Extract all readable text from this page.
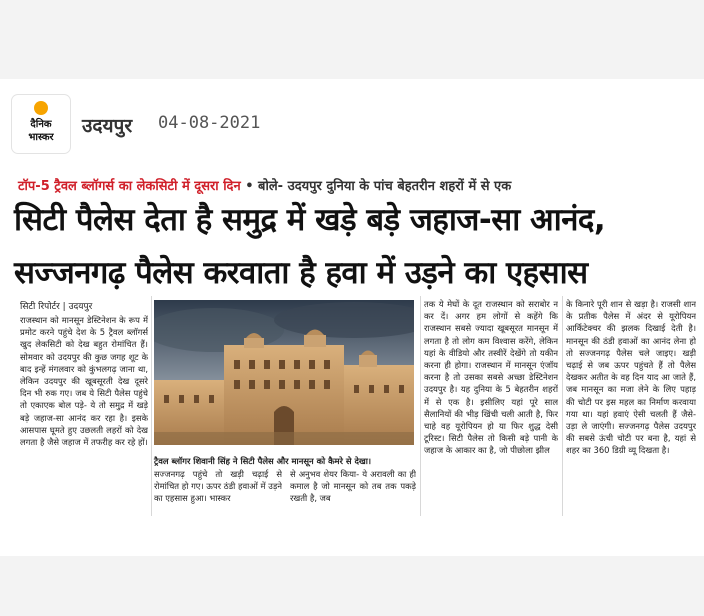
दैनिक
भास्कर
उदयपुर 04-08-2021
टॉप-5 ट्रैवल ब्लॉगर्स का लेकसिटी में दूसरा दिन • बोले- उदयपुर दुनिया के पांच बेहतरीन शहरों में से एक
सिटी पैलेस देता है समुद्र में खड़े बड़े जहाज-सा आनंद,
सज्जनगढ़ पैलेस करवाता है हवा में उड़ने का एहसास
सिटी रिपोर्टर | उदयपुर
राजस्थान को मानसून डेस्टिनेशन के रूप में प्रमोट करने पहुंचे देश के 5 ट्रैवल ब्लॉगर्स खुद लेकसिटी को देख बहुत रोमांचित हैं। सोमवार को उदयपुर की कुछ जगह शूट के बाद इन्हें मंगलवार को कुंभलगढ़ जाना था, लेकिन उदयपुर की खूबसूरती देख दूसरे दिन भी रुक गए। जब ये सिटी पैलेस पहुंचे तो एकाएक बोल पड़े- ये तो समुद्र में खड़े बड़े जहाज-सा आनंद कर रहा है। इसके आसपास घूमते हुए उछलती लहरों को देख लगता है जैसे जहाज में तफरीह कर रहे हों।
ट्रैवल ब्लॉगर शिवानी सिंह ने सिटी पैलेस और मानसून को कैमरे से देखा।
सज्जनगढ़ पहुंचे तो खड़ी चढ़ाई से रोमांचित हो गए। ऊपर ठंडी हवाओं में उड़ने का एहसास हुआ। भास्कर
से अनुभव शेयर किया- ये अरावली का ही कमाल है जो मानसून को तब तक पकड़े रखती है, जब
तक ये मेघों के दूत राजस्थान को सराबोर न कर दें। अगर हम लोगों से कहेंगे कि राजस्थान सबसे ज्यादा खूबसूरत मानसून में लगता है तो लोग कम विश्वास करेंगे, लेकिन यहां के वीडियो और तस्वीरें देखेंगे तो यकीन करना ही होगा। राजस्थान में मानसून एंजॉय करना है तो उसका सबसे अच्छा डेस्टिनेशन उदयपुर है। यह दुनिया के 5 बेहतरीन शहरों में से एक है। इसीलिए यहां पूरे साल सैलानियों की भीड़ खिंची चली आती है, फिर चाहे वह यूरोपियन हो या फिर शुद्ध देसी टूरिस्ट। सिटी पैलेस तो किसी बड़े पानी के जहाज के आकार का है, जो पीछोला झील
के किनारे पूरी शान से खड़ा है। राजसी शान के प्रतीक पैलेस में अंदर से यूरोपियन आर्किटेक्चर की झलक दिखाई देती है। मानसून की ठंडी हवाओं का आनंद लेना हो तो सज्जनगढ़ पैलेस चले जाइए। खड़ी चढ़ाई से जब ऊपर पहुंचते हैं तो पैलेस देखकर अतीत के वह दिन याद आ जाते हैं, जब मानसून का मजा लेने के लिए पहाड़ की चोटी पर इस महल का निर्माण करवाया गया था। यहां हवाएं ऐसी चलती हैं जैसे- उड़ा ले जाएंगी। सज्जनगढ़ पैलेस उदयपुर की सबसे ऊंची चोटी पर बना है, यहां से शहर का 360 डिग्री व्यू दिखता है।
